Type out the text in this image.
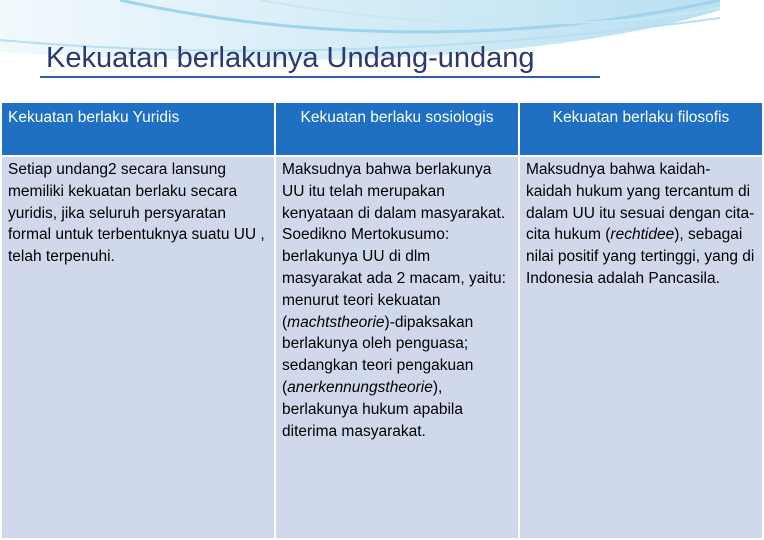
Kekuatan berlakunya Undang-undang
Kekuatan berlaku Yuridis	Kekuatan berlaku sosiologis	Kekuatan berlaku filosofis
Setiap undang2 secara lansung memiliki kekuatan berlaku secara yuridis, jika seluruh persyaratan formal untuk terbentuknya suatu UU , telah terpenuhi.	Maksudnya bahwa berlakunya UU itu telah merupakan kenyataan di dalam masyarakat. Soedikno Mertokusumo: berlakunya UU di dlm masyarakat ada 2 macam, yaitu: menurut teori kekuatan (machtstheorie)-dipaksakan berlakunya oleh penguasa; sedangkan teori pengakuan (anerkennungstheorie), berlakunya hukum apabila diterima masyarakat.	Maksudnya bahwa kaidah-kaidah hukum yang tercantum di dalam UU itu sesuai dengan cita-cita hukum (rechtidee), sebagai nilai positif yang tertinggi, yang di Indonesia adalah Pancasila.
